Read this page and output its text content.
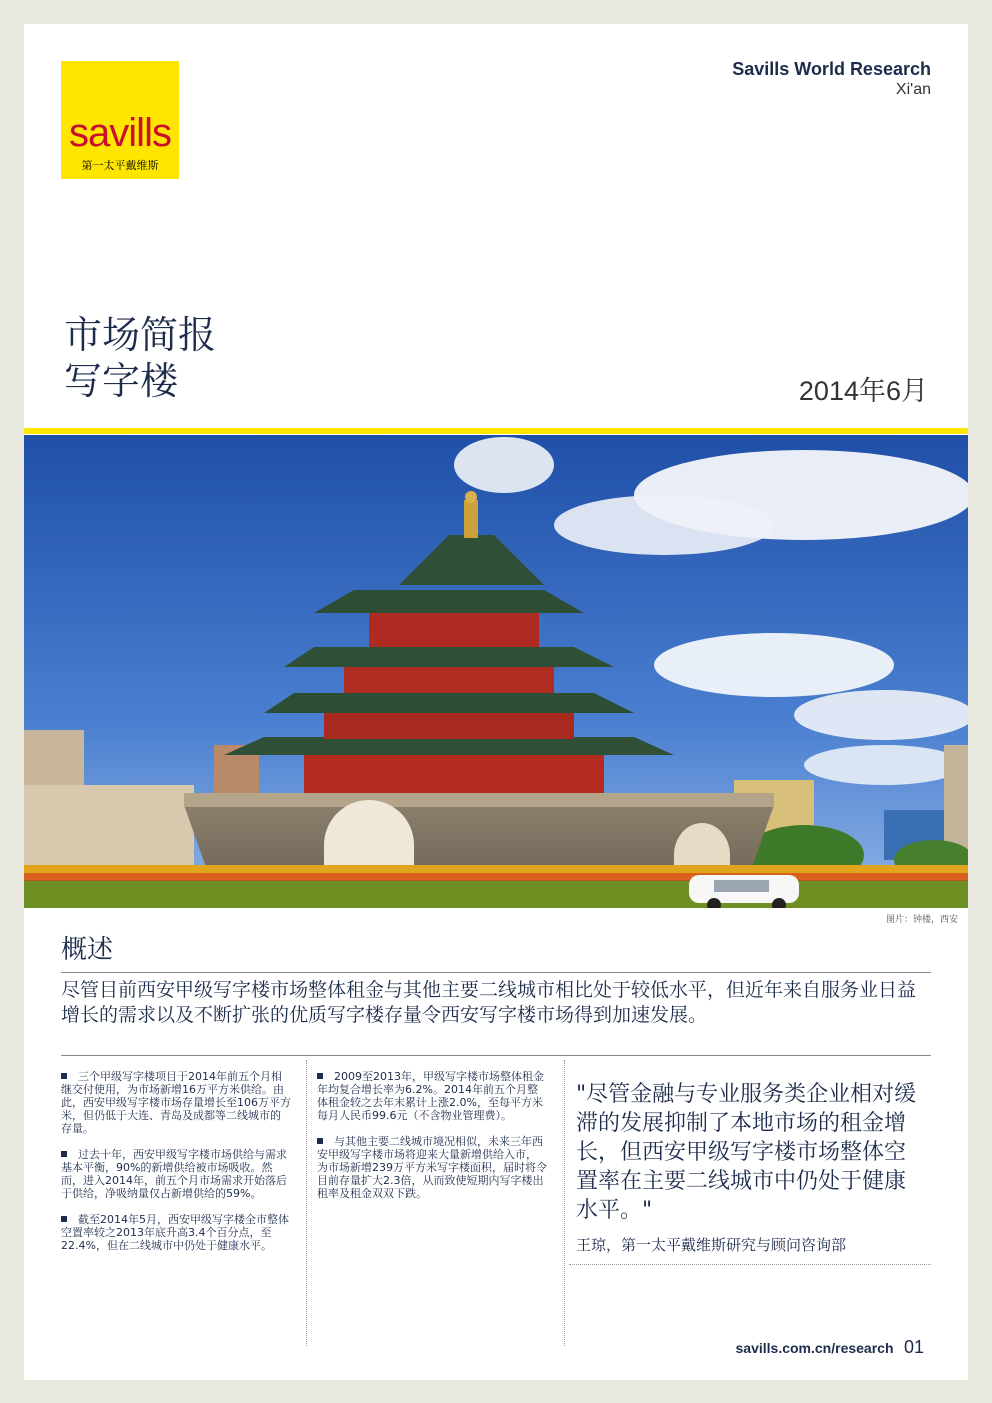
savills
第一太平戴维斯
Savills World Research
Xi'an
市场简报
写字楼	2014年6月
图片：钟楼，西安
概述
尽管目前西安甲级写字楼市场整体租金与其他主要二线城市相比处于较低水平，但近年来自服务业日益增长的需求以及不断扩张的优质写字楼存量令西安写字楼市场得到加速发展。

三个甲级写字楼项目于2014年前五个月相继交付使用，为市场新增16万平方米供给。由此，西安甲级写字楼市场存量增长至106万平方米，但仍低于大连、青岛及成都等二线城市的存量。

过去十年，西安甲级写字楼市场供给与需求基本平衡，90%的新增供给被市场吸收。然而，进入2014年，前五个月市场需求开始落后于供给，净吸纳量仅占新增供给的59%。

截至2014年5月，西安甲级写字楼全市整体空置率较之2013年底升高3.4个百分点，至22.4%，但在二线城市中仍处于健康水平。

2009至2013年，甲级写字楼市场整体租金年均复合增长率为6.2%。2014年前五个月整体租金较之去年末累计上涨2.0%，至每平方米每月人民币99.6元（不含物业管理费）。

与其他主要二线城市境况相似，未来三年西安甲级写字楼市场将迎来大量新增供给入市，为市场新增239万平方米写字楼面积，届时将令目前存量扩大2.3倍，从而致使短期内写字楼出租率及租金双双下跌。

"尽管金融与专业服务类企业相对缓滞的发展抑制了本地市场的租金增长，但西安甲级写字楼市场整体空置率在主要二线城市中仍处于健康水平。"
王琼，第一太平戴维斯研究与顾问咨询部
savills.com.cn/research 01
